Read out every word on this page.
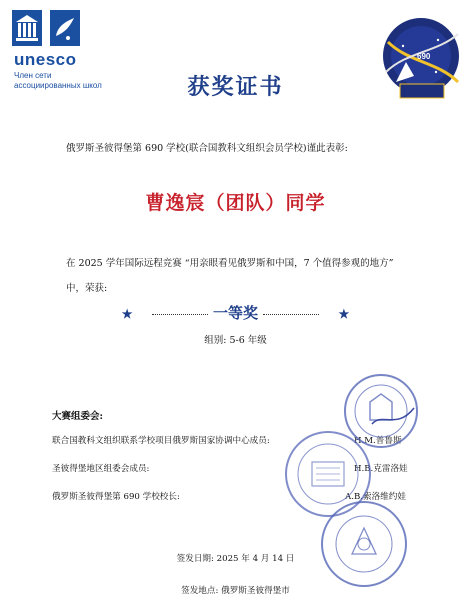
unesco
Член сети
ассоциированных школ
690
获奖证书
俄罗斯圣彼得堡第 690 学校(联合国教科文组织会员学校)谨此表彰:
曹逸宸（团队）同学
在 2025 学年国际远程竞赛 “用亲眼看见俄罗斯和中国，7 个值得参观的地方”
中，荣获:
★	一等奖	★
组别: 5-6 年级
大赛组委会:
联合国教科文组织联系学校项目俄罗斯国家协调中心成员:	H.M.普鲁斯
圣彼得堡地区组委会成员:	H.B.克雷洛娃
俄罗斯圣彼得堡第 690 学校校长:	A.B.索洛维约娃
签发日期: 2025 年 4 月 14 日
签发地点: 俄罗斯圣彼得堡市
